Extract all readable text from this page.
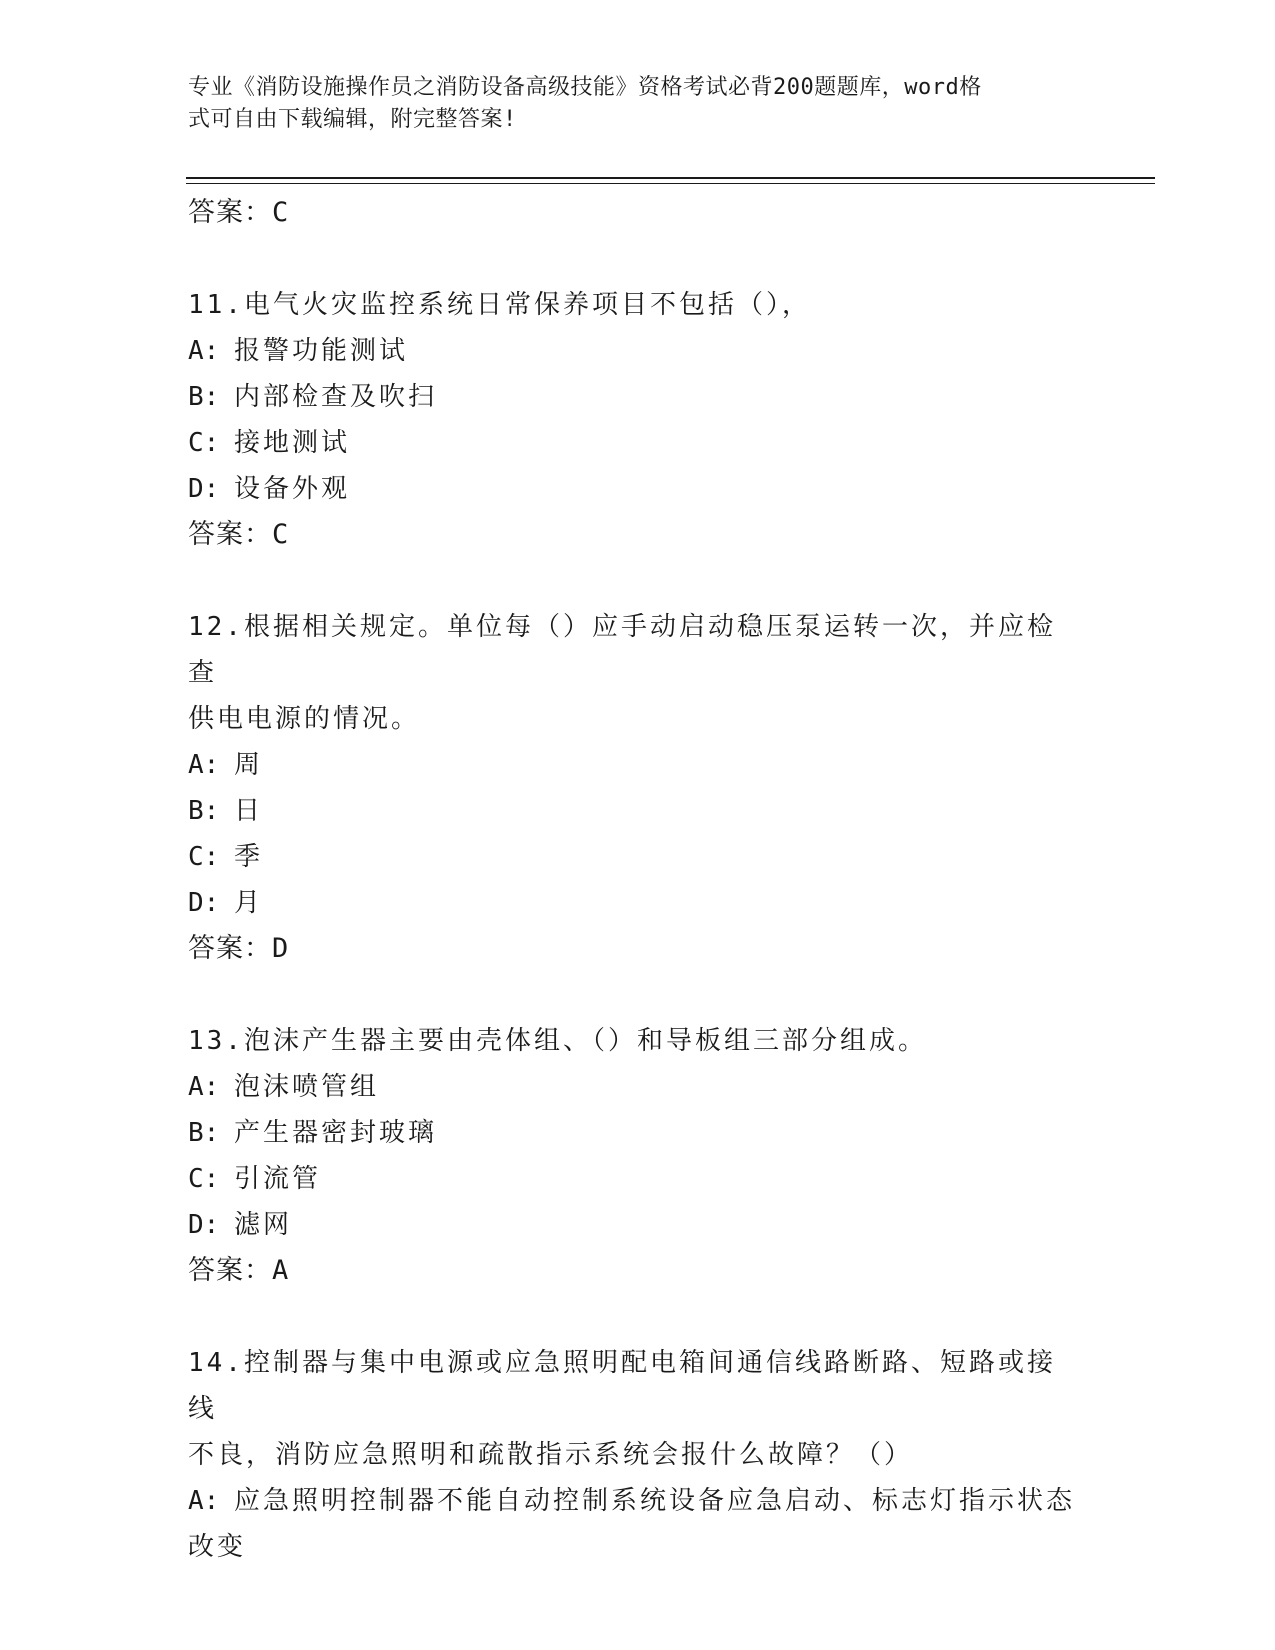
专业《消防设施操作员之消防设备高级技能》资格考试必背200题题库，word格
式可自由下载编辑，附完整答案!
答案：C
11.电气火灾监控系统日常保养项目不包括（），
A: 报警功能测试
B: 内部检查及吹扫
C: 接地测试
D: 设备外观
答案：C
12.根据相关规定。单位每（）应手动启动稳压泵运转一次，并应检查
供电电源的情况。
A: 周
B: 日
C: 季
D: 月
答案：D
13.泡沫产生器主要由壳体组、（）和导板组三部分组成。
A: 泡沫喷管组
B: 产生器密封玻璃
C: 引流管
D: 滤网
答案：A
14.控制器与集中电源或应急照明配电箱间通信线路断路、短路或接线
不良，消防应急照明和疏散指示系统会报什么故障？（）
A: 应急照明控制器不能自动控制系统设备应急启动、标志灯指示状态
改变
